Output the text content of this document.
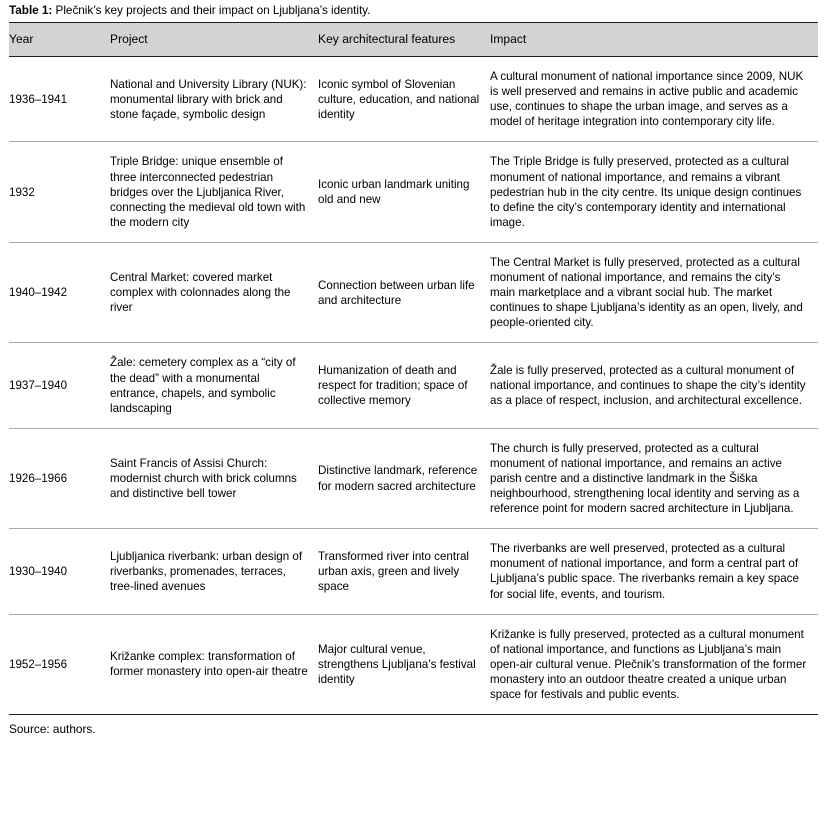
Table 1: Plečnik’s key projects and their impact on Ljubljana’s identity.
Year	Project	Key architectural features	Impact
1936–1941	National and University Library (NUK): monumental library with brick and stone façade, symbolic design	Iconic symbol of Slovenian culture, education, and national identity	A cultural monument of national importance since 2009, NUK is well preserved and remains in active public and academic use, continues to shape the urban image, and serves as a model of heritage integration into contemporary city life.
1932	Triple Bridge: unique ensemble of three interconnected pedestrian bridges over the Ljubljanica River, connecting the medieval old town with the modern city	Iconic urban landmark uniting old and new	The Triple Bridge is fully preserved, protected as a cultural monument of national importance, and remains a vibrant pedestrian hub in the city centre. Its unique design continues to define the city’s contemporary identity and international image.
1940–1942	Central Market: covered market complex with colonnades along the river	Connection between urban life and architecture	The Central Market is fully preserved, protected as a cultural monument of national importance, and remains the city’s main marketplace and a vibrant social hub. The market continues to shape Ljubljana’s identity as an open, lively, and people-oriented city.
1937–1940	Žale: cemetery complex as a “city of the dead” with a monumental entrance, chapels, and symbolic landscaping	Humanization of death and respect for tradition; space of collective memory	Žale is fully preserved, protected as a cultural monument of national importance, and continues to shape the city’s identity as a place of respect, inclusion, and architectural excellence.
1926–1966	Saint Francis of Assisi Church: modernist church with brick columns and distinctive bell tower	Distinctive landmark, reference for modern sacred architecture	The church is fully preserved, protected as a cultural monument of national importance, and remains an active parish centre and a distinctive landmark in the Šiška neighbourhood, strengthening local identity and serving as a reference point for modern sacred architecture in Ljubljana.
1930–1940	Ljubljanica riverbank: urban design of riverbanks, promenades, terraces, tree-lined avenues	Transformed river into central urban axis, green and lively space	The riverbanks are well preserved, protected as a cultural monument of national importance, and form a central part of Ljubljana’s public space. The riverbanks remain a key space for social life, events, and tourism.
1952–1956	Križanke complex: transformation of former monastery into open-air theatre	Major cultural venue, strengthens Ljubljana’s festival identity	Križanke is fully preserved, protected as a cultural monument of national importance, and functions as Ljubljana’s main open-air cultural venue. Plečnik’s transformation of the former monastery into an outdoor theatre created a unique urban space for festivals and public events.
Source: authors.
